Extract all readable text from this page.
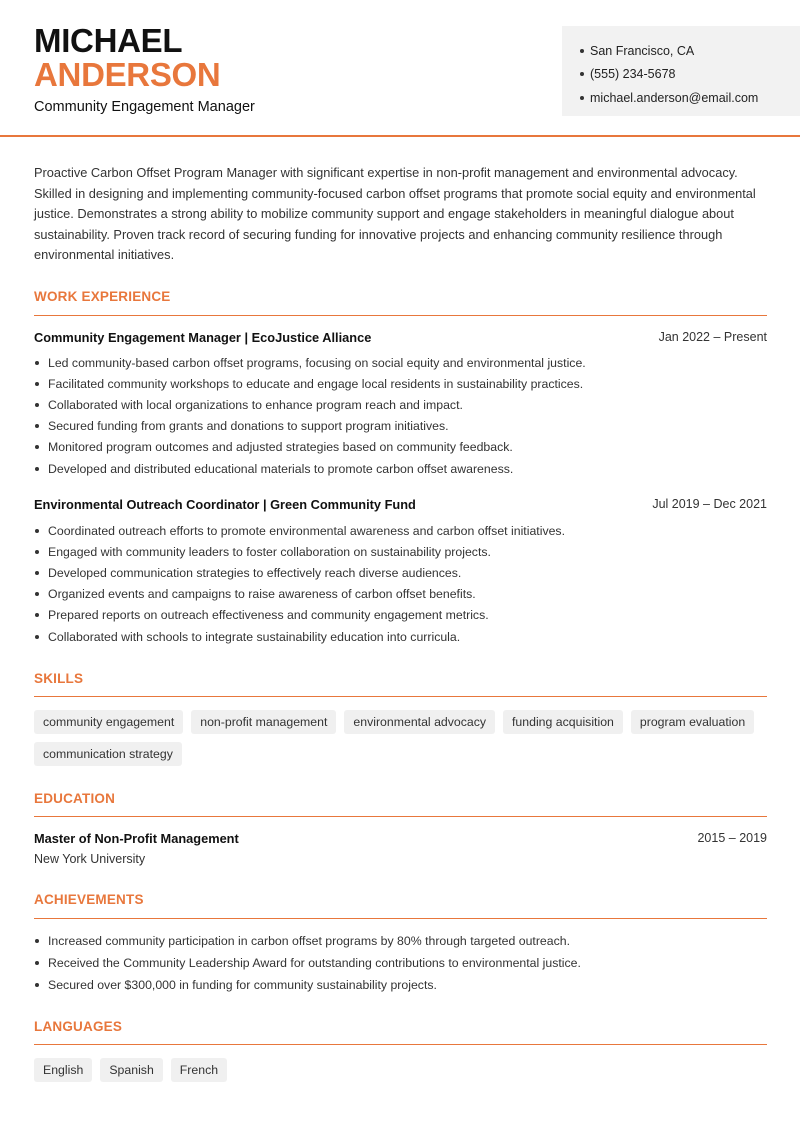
MICHAEL
ANDERSON
Community Engagement Manager
San Francisco, CA
(555) 234-5678
michael.anderson@email.com

Proactive Carbon Offset Program Manager with significant expertise in non-profit management and environmental advocacy. Skilled in designing and implementing community-focused carbon offset programs that promote social equity and environmental justice. Demonstrates a strong ability to mobilize community support and engage stakeholders in meaningful dialogue about sustainability. Proven track record of securing funding for innovative projects and enhancing community resilience through environmental initiatives.

WORK EXPERIENCE
Community Engagement Manager | EcoJustice Alliance	Jan 2022 – Present
Led community-based carbon offset programs, focusing on social equity and environmental justice.
Facilitated community workshops to educate and engage local residents in sustainability practices.
Collaborated with local organizations to enhance program reach and impact.
Secured funding from grants and donations to support program initiatives.
Monitored program outcomes and adjusted strategies based on community feedback.
Developed and distributed educational materials to promote carbon offset awareness.
Environmental Outreach Coordinator | Green Community Fund	Jul 2019 – Dec 2021
Coordinated outreach efforts to promote environmental awareness and carbon offset initiatives.
Engaged with community leaders to foster collaboration on sustainability projects.
Developed communication strategies to effectively reach diverse audiences.
Organized events and campaigns to raise awareness of carbon offset benefits.
Prepared reports on outreach effectiveness and community engagement metrics.
Collaborated with schools to integrate sustainability education into curricula.
SKILLS
community engagement	non-profit management	environmental advocacy	funding acquisition	program evaluation
communication strategy
EDUCATION
Master of Non-Profit Management	2015 – 2019
New York University
ACHIEVEMENTS
Increased community participation in carbon offset programs by 80% through targeted outreach.
Received the Community Leadership Award for outstanding contributions to environmental justice.
Secured over $300,000 in funding for community sustainability projects.
LANGUAGES
English	Spanish	French
